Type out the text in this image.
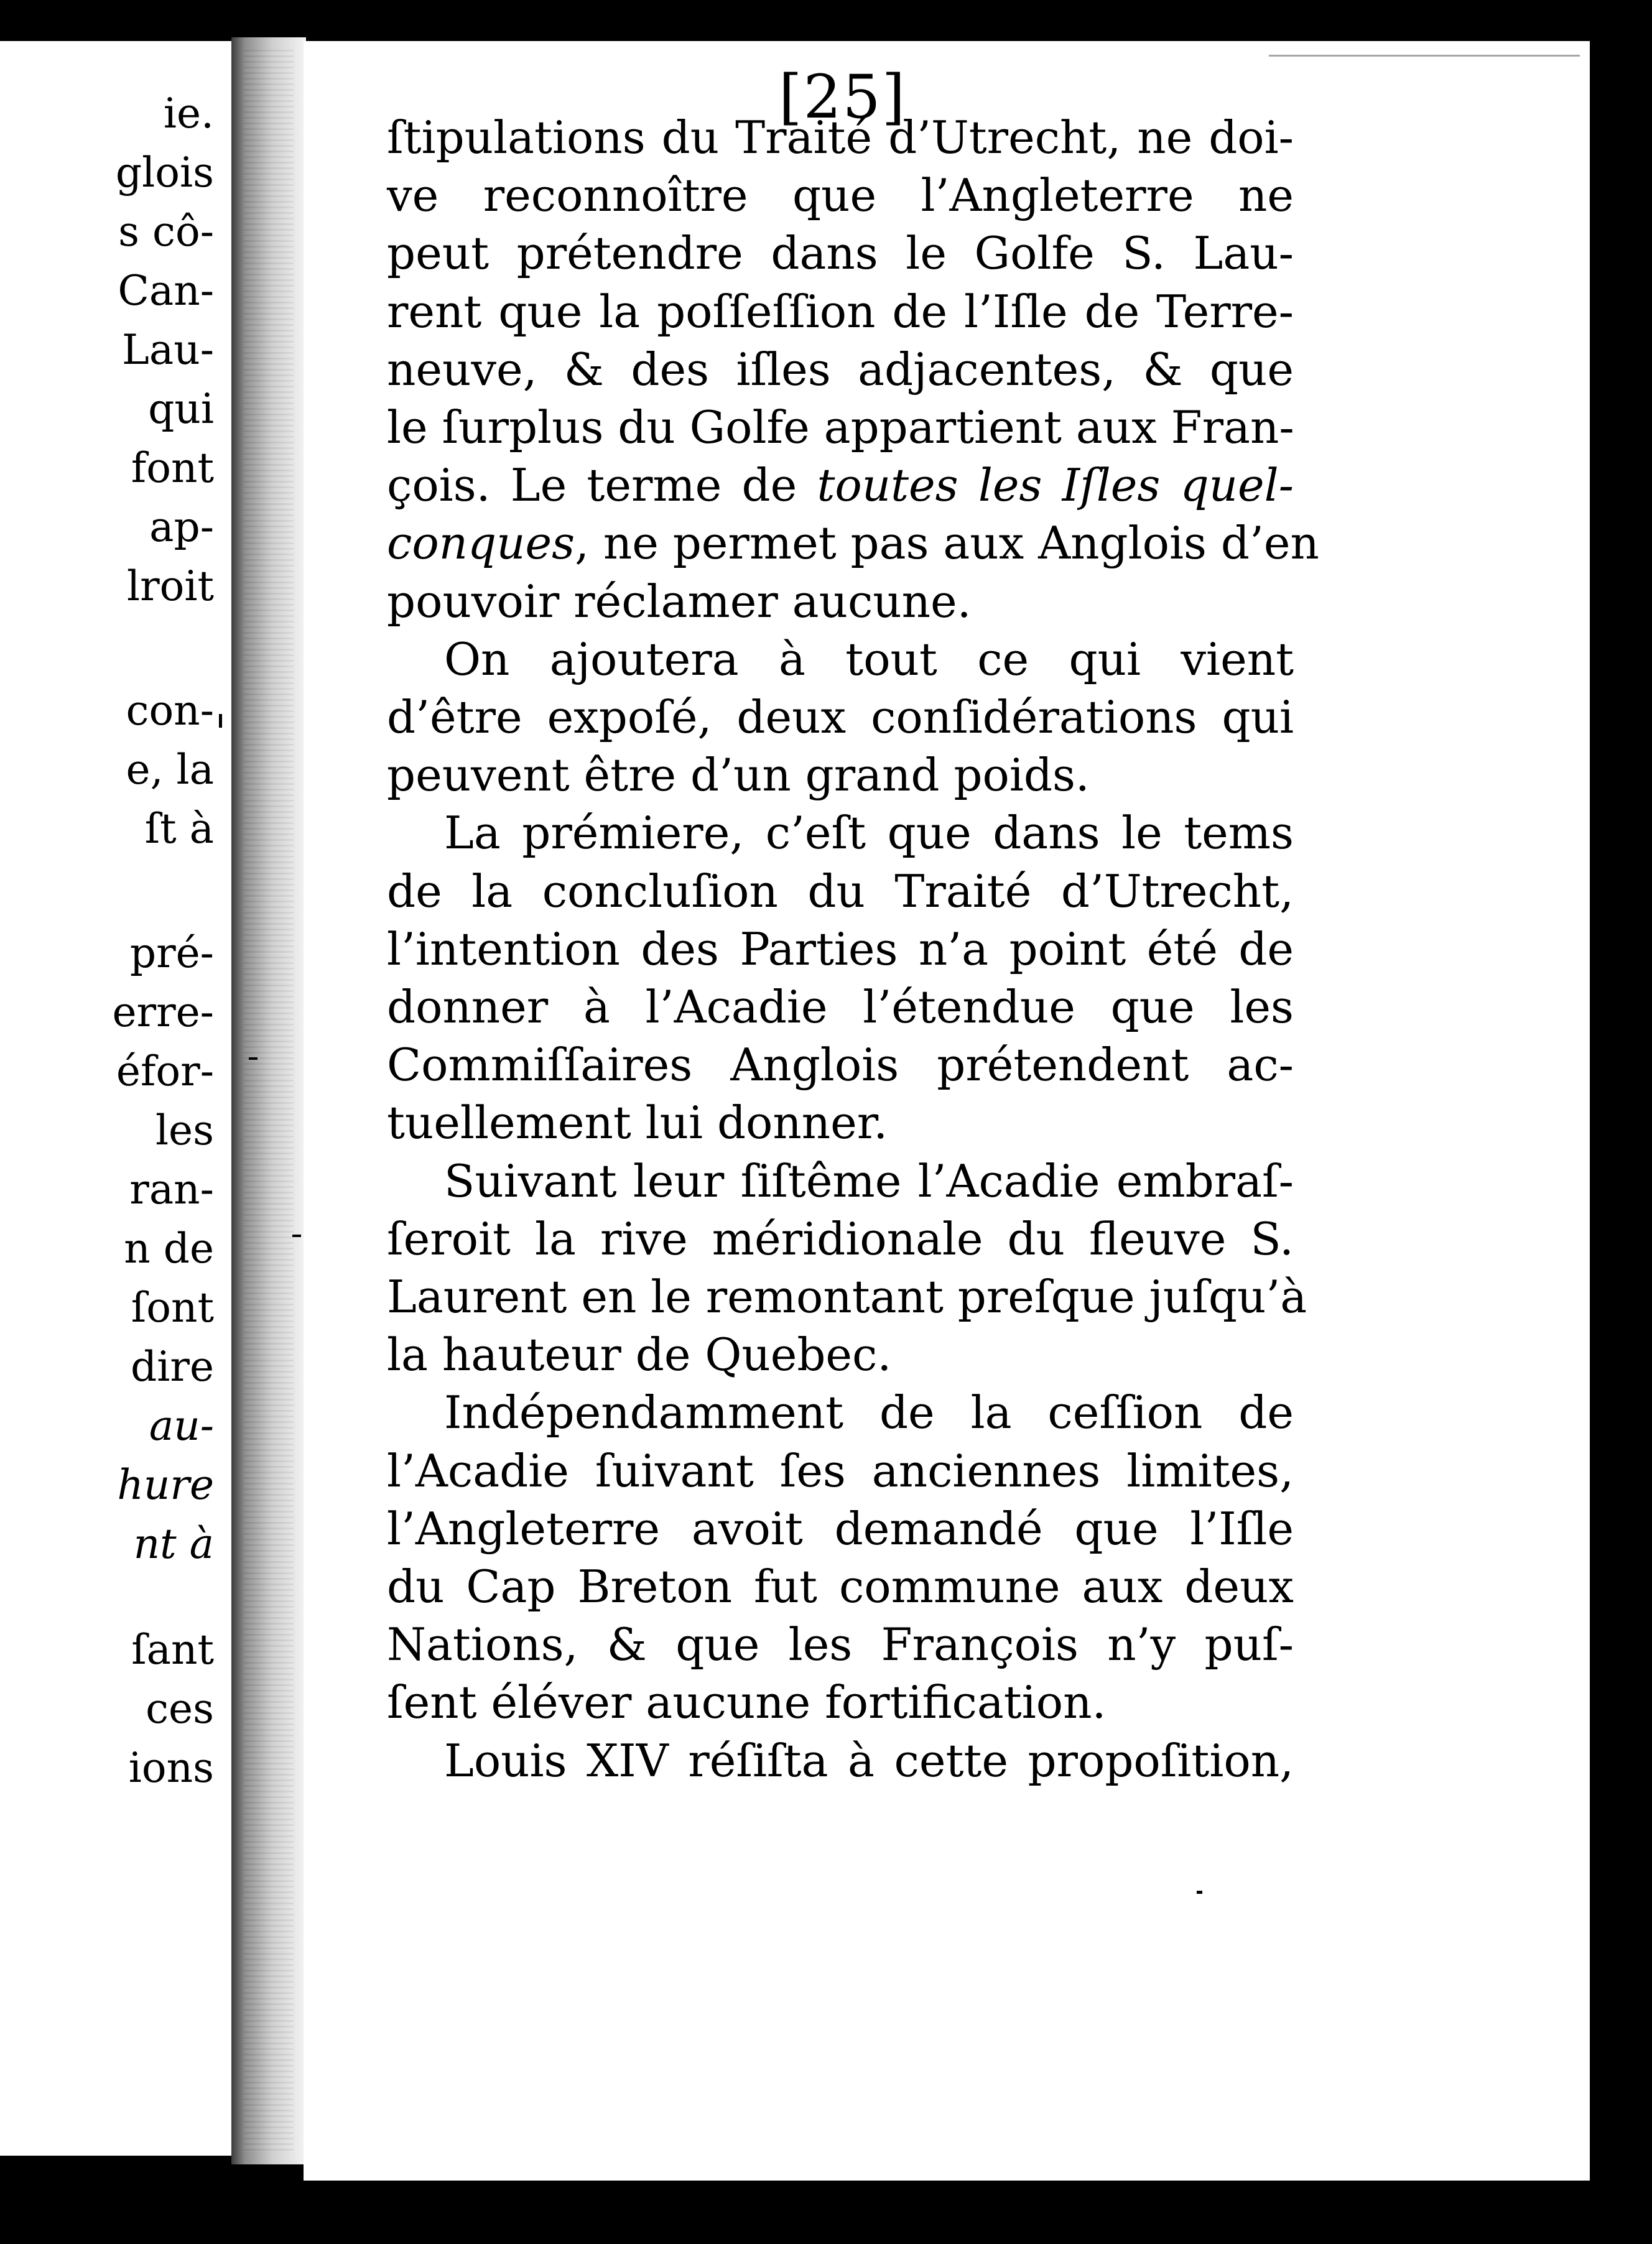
ie.
glois
s cô-
Can-
Lau-
qui
font
ap-
lroit
con-
e, la
ſt à
pré-
erre-
éfor-
les
ran-
n de
ſont
dire
au-
hure
nt à
ſant
ces
ions
[25]
ſtipulations du Traité d’Utrecht, ne doi-
ve reconnoître que l’Angleterre ne
peut prétendre dans le Golfe S. Lau-
rent que la poſſeſſion de l’Iſle de Terre-
neuve, & des iſles adjacentes, & que
le ſurplus du Golfe appartient aux Fran-
çois. Le terme de toutes les Iſles quel-
conques, ne permet pas aux Anglois d’en
pouvoir réclamer aucune.
On ajoutera à tout ce qui vient
d’être expoſé, deux conſidérations qui
peuvent être d’un grand poids.
La prémiere, c’eſt que dans le tems
de la concluſion du Traité d’Utrecht,
l’intention des Parties n’a point été de
donner à l’Acadie l’étendue que les
Commiſſaires Anglois prétendent ac-
tuellement lui donner.
Suivant leur ſiſtême l’Acadie embraſ-
ſeroit la rive méridionale du fleuve S.
Laurent en le remontant preſque juſqu’à
la hauteur de Quebec.
Indépendamment de la ceſſion de
l’Acadie ſuivant ſes anciennes limites,
l’Angleterre avoit demandé que l’Iſle
du Cap Breton fut commune aux deux
Nations, & que les François n’y puſ-
ſent éléver aucune fortification.
Louis XIV réſiſta à cette propoſition,
